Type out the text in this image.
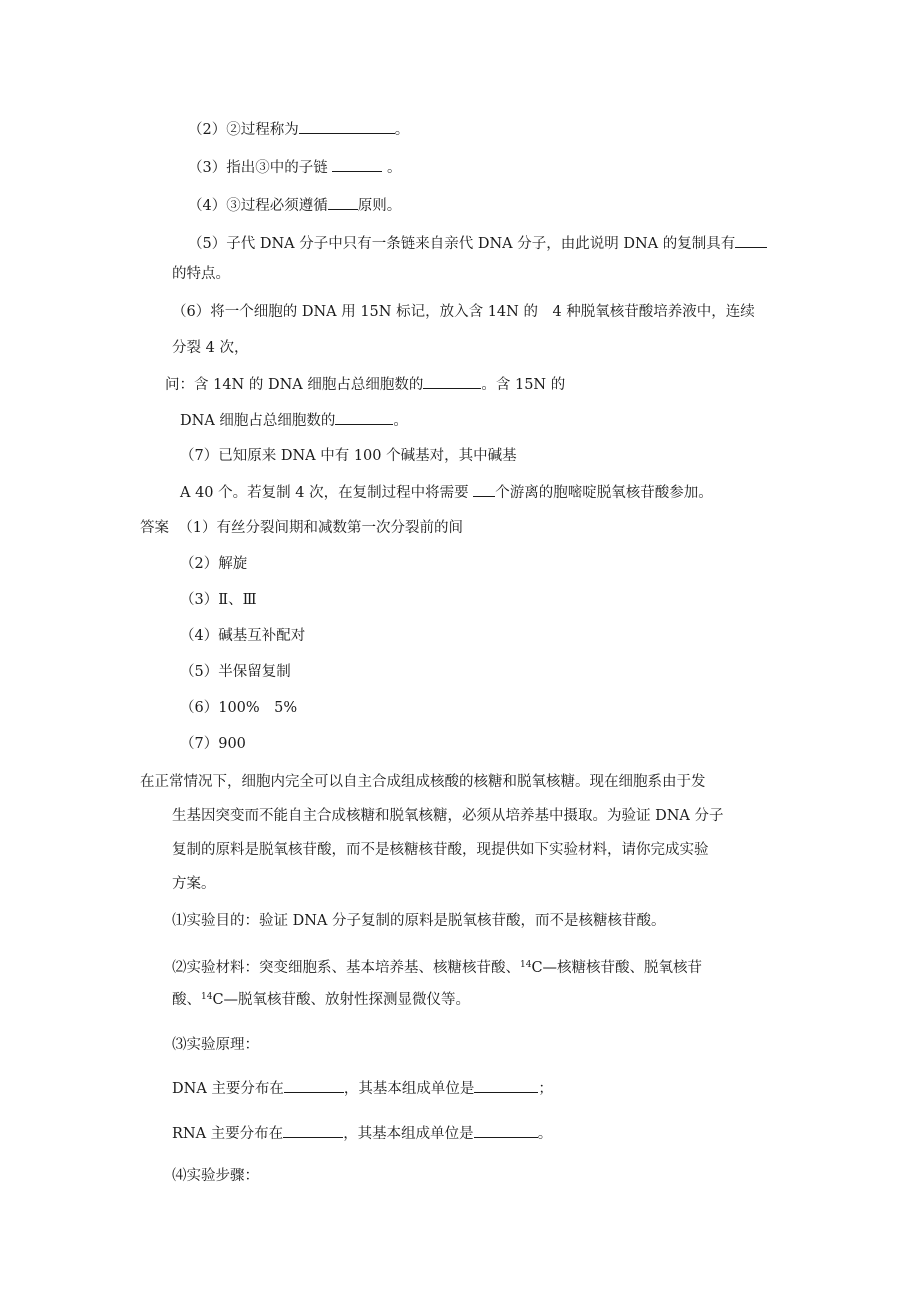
（2）②过程称为	。
（3）指出③中的子链	。
（4）③过程必须遵循 原则。
（5）子代 DNA 分子中只有一条链来自亲代 DNA 分子，由此说明 DNA 的复制具有
的特点。
（6）将一个细胞的 DNA 用 15N 标记，放入含 14N 的　4 种脱氧核苷酸培养液中，连续
分裂 4 次，
问：含 14N 的 DNA 细胞占总细胞数的	。含 15N 的
DNA 细胞占总细胞数的	。
（7）已知原来 DNA 中有 100 个碱基对，其中碱基
A 40 个。若复制 4 次，在复制过程中将需要 个游离的胞嘧啶脱氧核苷酸参加。
答案 （1）有丝分裂间期和减数第一次分裂前的间
（2）解旋
（3）Ⅱ、Ⅲ
（4）碱基互补配对
（5）半保留复制
（6）100%　5%
（7）900
在正常情况下，细胞内完全可以自主合成组成核酸的核糖和脱氧核糖。现在细胞系由于发
生基因突变而不能自主合成核糖和脱氧核糖，必须从培养基中摄取。为验证 DNA 分子
复制的原料是脱氧核苷酸，而不是核糖核苷酸，现提供如下实验材料，请你完成实验
方案。
⑴实验目的：验证 DNA 分子复制的原料是脱氧核苷酸，而不是核糖核苷酸。
⑵实验材料：突变细胞系、基本培养基、核糖核苷酸、$^{14}$C—核糖核苷酸、脱氧核苷
酸、$^{14}$C—脱氧核苷酸、放射性探测显微仪等。
⑶实验原理：
DNA 主要分布在	，其基本组成单位是	；
RNA 主要分布在	，其基本组成单位是	。
⑷实验步骤：
